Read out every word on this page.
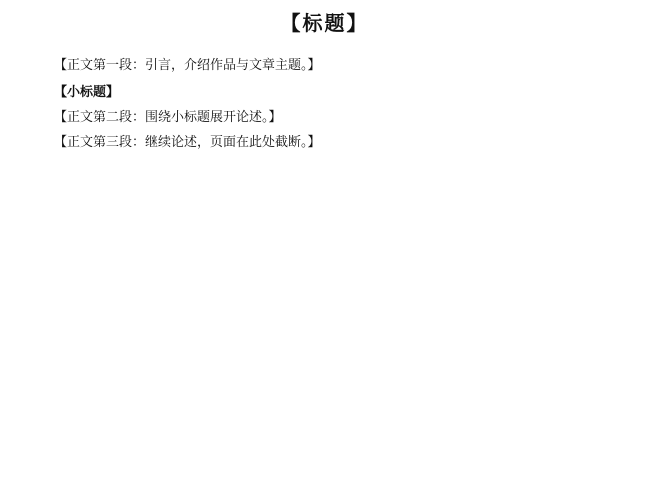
【标题】

【正文第一段：引言，介绍作品与文章主题。】

【小标题】

【正文第二段：围绕小标题展开论述。】

【正文第三段：继续论述，页面在此处截断。】
